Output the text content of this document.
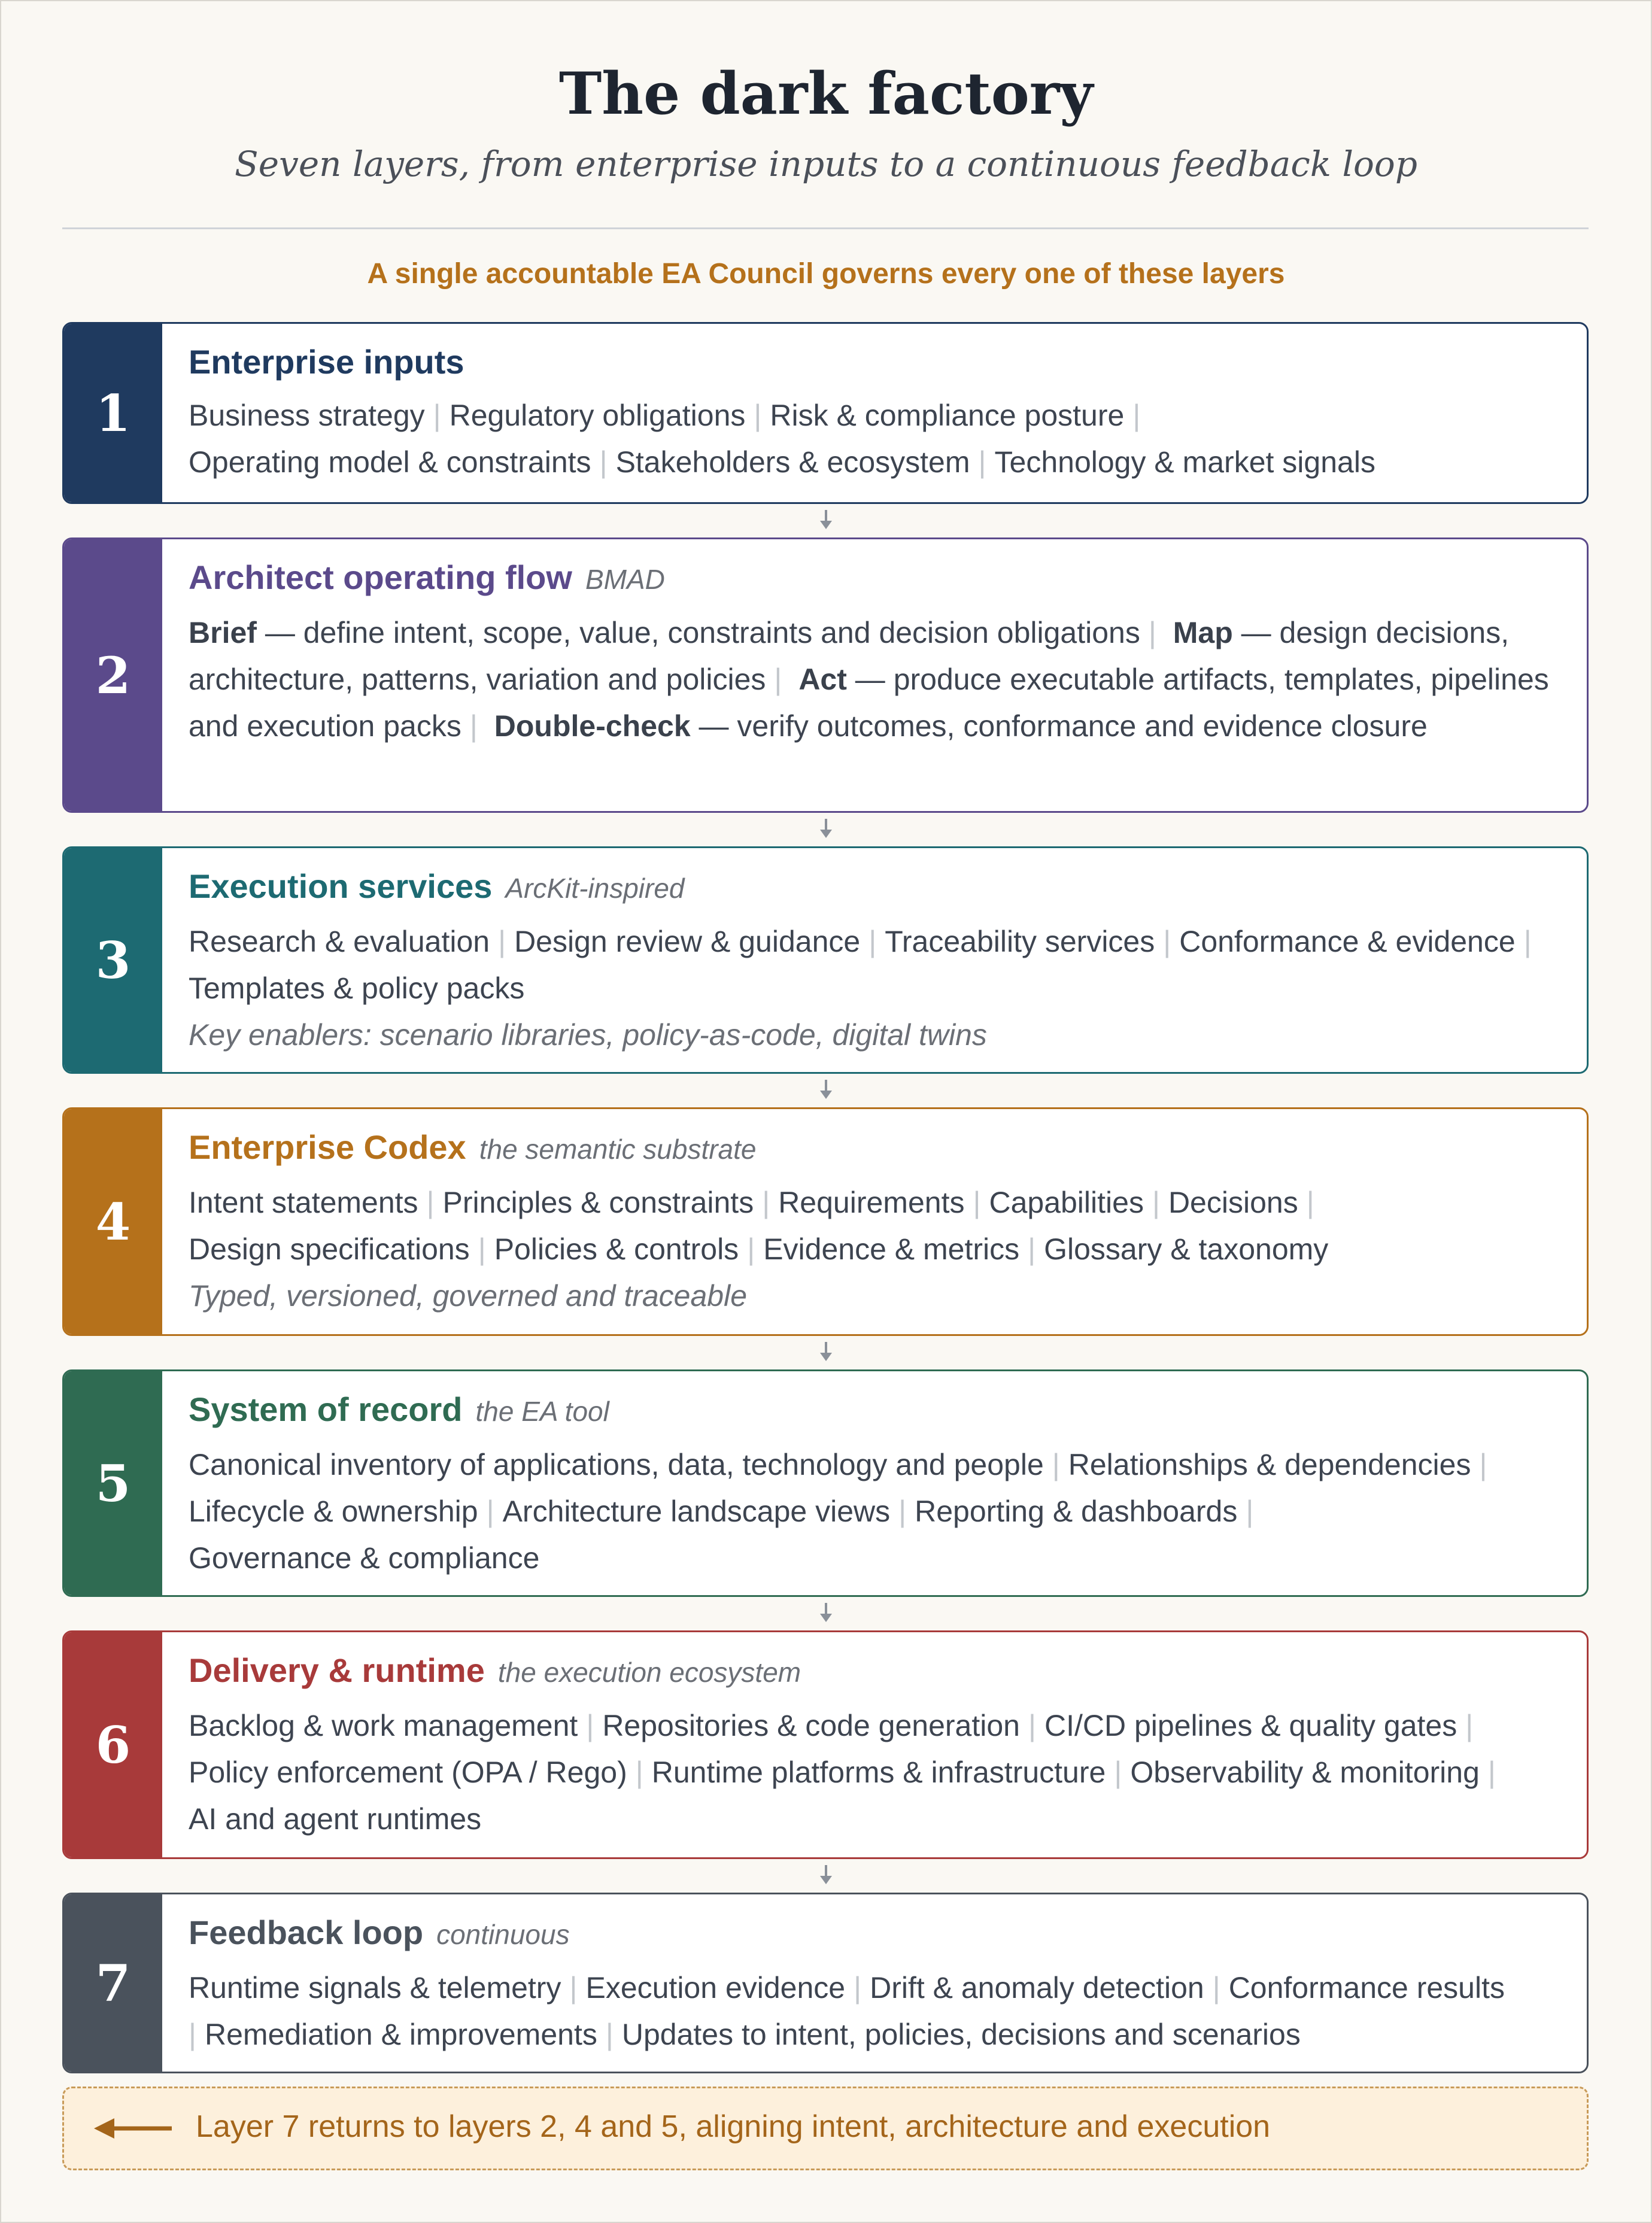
The dark factory
Seven layers, from enterprise inputs to a continuous feedback loop
A single accountable EA Council governs every one of these layers
1
Enterprise inputs
Business strategy | Regulatory obligations | Risk & compliance posture |
Operating model & constraints | Stakeholders & ecosystem | Technology & market signals
2
Architect operating flow BMAD
Brief — define intent, scope, value, constraints and decision obligations | Map — design decisions, architecture, patterns, variation and policies | Act — produce executable artifacts, templates, pipelines and execution packs | Double-check — verify outcomes, conformance and evidence closure
3
Execution services ArcKit-inspired
Research & evaluation | Design review & guidance | Traceability services | Conformance & evidence |
Templates & policy packs
Key enablers: scenario libraries, policy-as-code, digital twins
4
Enterprise Codex the semantic substrate
Intent statements | Principles & constraints | Requirements | Capabilities | Decisions |
Design specifications | Policies & controls | Evidence & metrics | Glossary & taxonomy
Typed, versioned, governed and traceable
5
System of record the EA tool
Canonical inventory of applications, data, technology and people | Relationships & dependencies |
Lifecycle & ownership | Architecture landscape views | Reporting & dashboards |
Governance & compliance
6
Delivery & runtime the execution ecosystem
Backlog & work management | Repositories & code generation | CI/CD pipelines & quality gates |
Policy enforcement (OPA / Rego) | Runtime platforms & infrastructure | Observability & monitoring |
AI and agent runtimes
7
Feedback loop continuous
Runtime signals & telemetry | Execution evidence | Drift & anomaly detection | Conformance results
| Remediation & improvements | Updates to intent, policies, decisions and scenarios
Layer 7 returns to layers 2, 4 and 5, aligning intent, architecture and execution
